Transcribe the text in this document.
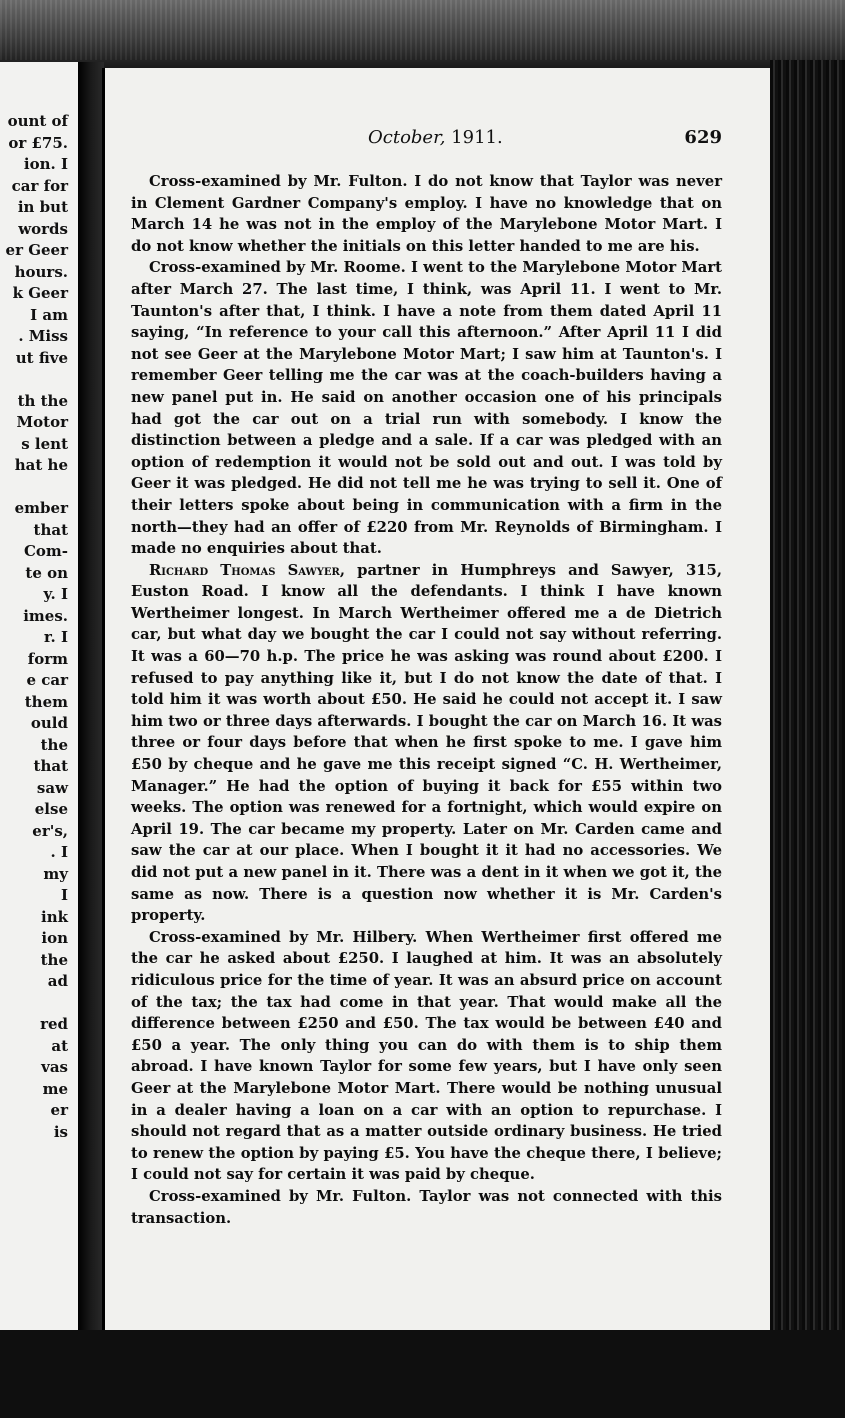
ount of
or £75.
ion. I
car for
in but
words
er Geer
hours.
k Geer
I am
. Miss
ut five
th the
Motor
s lent
hat he
ember
that
Com-
te on
y. I
imes.
r. I
form
e car
them
ould
the
that
saw
else
er's,
. I
my
I
ink
ion
the
ad
red
at
vas
me
er
is
October, 1911.	629

Cross-examined by Mr. Fulton. I do not know that Taylor was never in Clement Gardner Company's employ. I have no knowledge that on March 14 he was not in the employ of the Marylebone Motor Mart. I do not know whether the initials on this letter handed to me are his.

Cross-examined by Mr. Roome. I went to the Marylebone Motor Mart after March 27. The last time, I think, was April 11. I went to Mr. Taunton's after that, I think. I have a note from them dated April 11 saying, “In reference to your call this afternoon.” After April 11 I did not see Geer at the Marylebone Motor Mart; I saw him at Taunton's. I remember Geer telling me the car was at the coach-builders having a new panel put in. He said on another occasion one of his principals had got the car out on a trial run with somebody. I know the distinction between a pledge and a sale. If a car was pledged with an option of redemption it would not be sold out and out. I was told by Geer it was pledged. He did not tell me he was trying to sell it. One of their letters spoke about being in communication with a firm in the north—they had an offer of £220 from Mr. Reynolds of Birmingham. I made no enquiries about that.

Richard Thomas Sawyer, partner in Humphreys and Sawyer, 315, Euston Road. I know all the defendants. I think I have known Wertheimer longest. In March Wertheimer offered me a de Dietrich car, but what day we bought the car I could not say without referring. It was a 60—70 h.p. The price he was asking was round about £200. I refused to pay anything like it, but I do not know the date of that. I told him it was worth about £50. He said he could not accept it. I saw him two or three days afterwards. I bought the car on March 16. It was three or four days before that when he first spoke to me. I gave him £50 by cheque and he gave me this receipt signed “C. H. Wertheimer, Manager.” He had the option of buying it back for £55 within two weeks. The option was renewed for a fortnight, which would expire on April 19. The car became my property. Later on Mr. Carden came and saw the car at our place. When I bought it it had no accessories. We did not put a new panel in it. There was a dent in it when we got it, the same as now. There is a question now whether it is Mr. Carden's property.

Cross-examined by Mr. Hilbery. When Wertheimer first offered me the car he asked about £250. I laughed at him. It was an absolutely ridiculous price for the time of year. It was an absurd price on account of the tax; the tax had come in that year. That would make all the difference between £250 and £50. The tax would be between £40 and £50 a year. The only thing you can do with them is to ship them abroad. I have known Taylor for some few years, but I have only seen Geer at the Marylebone Motor Mart. There would be nothing unusual in a dealer having a loan on a car with an option to repurchase. I should not regard that as a matter outside ordinary business. He tried to renew the option by paying £5. You have the cheque there, I believe; I could not say for certain it was paid by cheque.

Cross-examined by Mr. Fulton. Taylor was not connected with this transaction.
